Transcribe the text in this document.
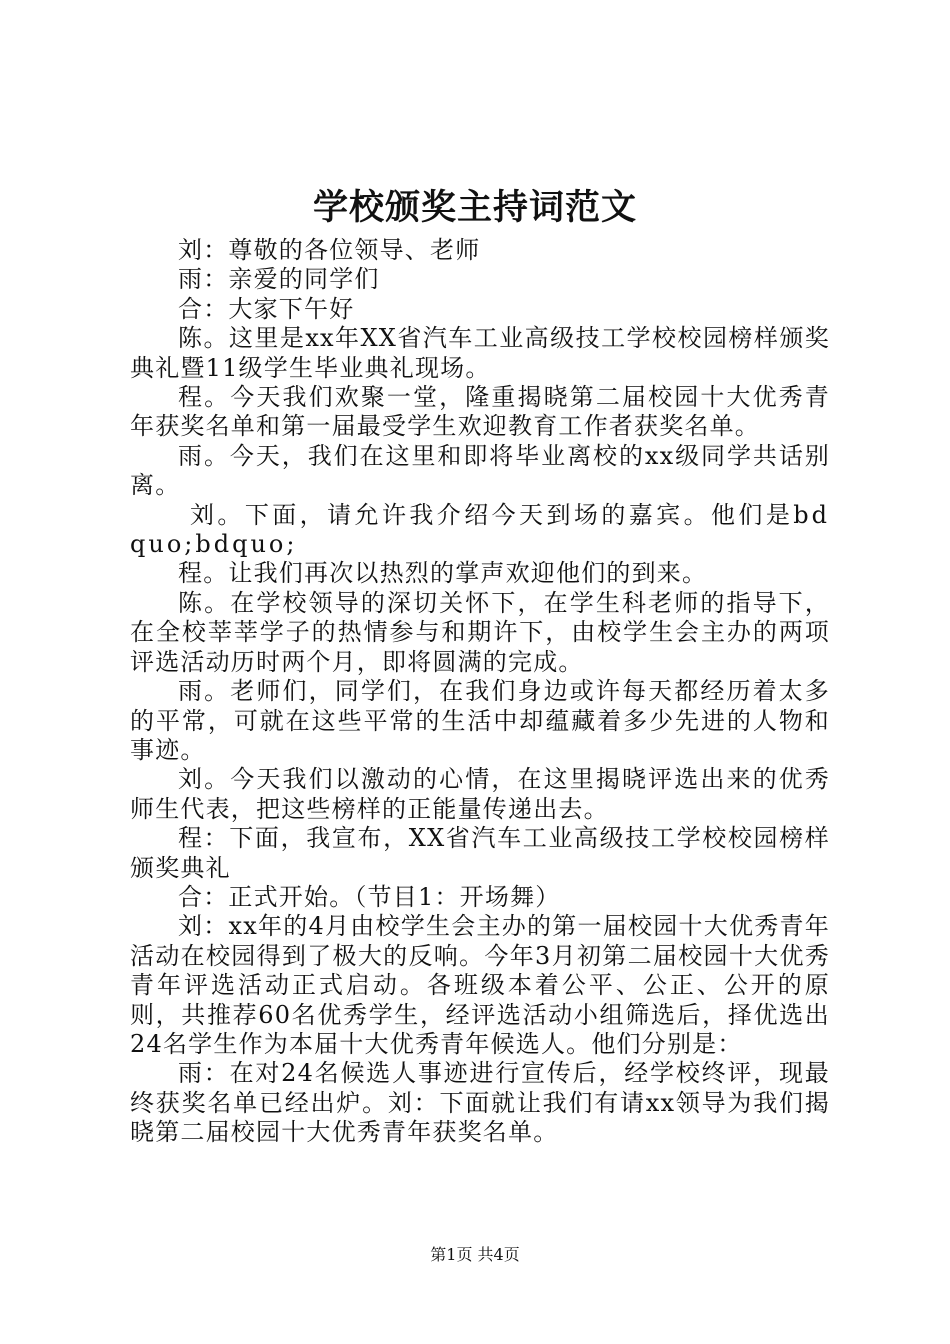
学校颁奖主持词范文

刘：尊敬的各位领导、老师

雨：亲爱的同学们

合：大家下午好

陈。这里是xx年XX省汽车工业高级技工学校校园榜样颁奖典礼暨11级学生毕业典礼现场。

程。今天我们欢聚一堂，隆重揭晓第二届校园十大优秀青年获奖名单和第一届最受学生欢迎教育工作者获奖名单。

雨。今天，我们在这里和即将毕业离校的xx级同学共话别离。

刘。下面，请允许我介绍今天到场的嘉宾。他们是bdquo;bdquo;

程。让我们再次以热烈的掌声欢迎他们的到来。

陈。在学校领导的深切关怀下，在学生科老师的指导下，在全校莘莘学子的热情参与和期许下，由校学生会主办的两项评选活动历时两个月，即将圆满的完成。

雨。老师们，同学们，在我们身边或许每天都经历着太多的平常，可就在这些平常的生活中却蕴藏着多少先进的人物和事迹。

刘。今天我们以激动的心情，在这里揭晓评选出来的优秀师生代表，把这些榜样的正能量传递出去。

程：下面，我宣布，XX省汽车工业高级技工学校校园榜样颁奖典礼

合：正式开始。（节目1：开场舞）

刘：xx年的4月由校学生会主办的第一届校园十大优秀青年活动在校园得到了极大的反响。今年3月初第二届校园十大优秀青年评选活动正式启动。各班级本着公平、公正、公开的原则，共推荐60名优秀学生，经评选活动小组筛选后，择优选出24名学生作为本届十大优秀青年候选人。他们分别是：

雨：在对24名候选人事迹进行宣传后，经学校终评，现最终获奖名单已经出炉。刘：下面就让我们有请xx领导为我们揭晓第二届校园十大优秀青年获奖名单。

第1页 共4页
